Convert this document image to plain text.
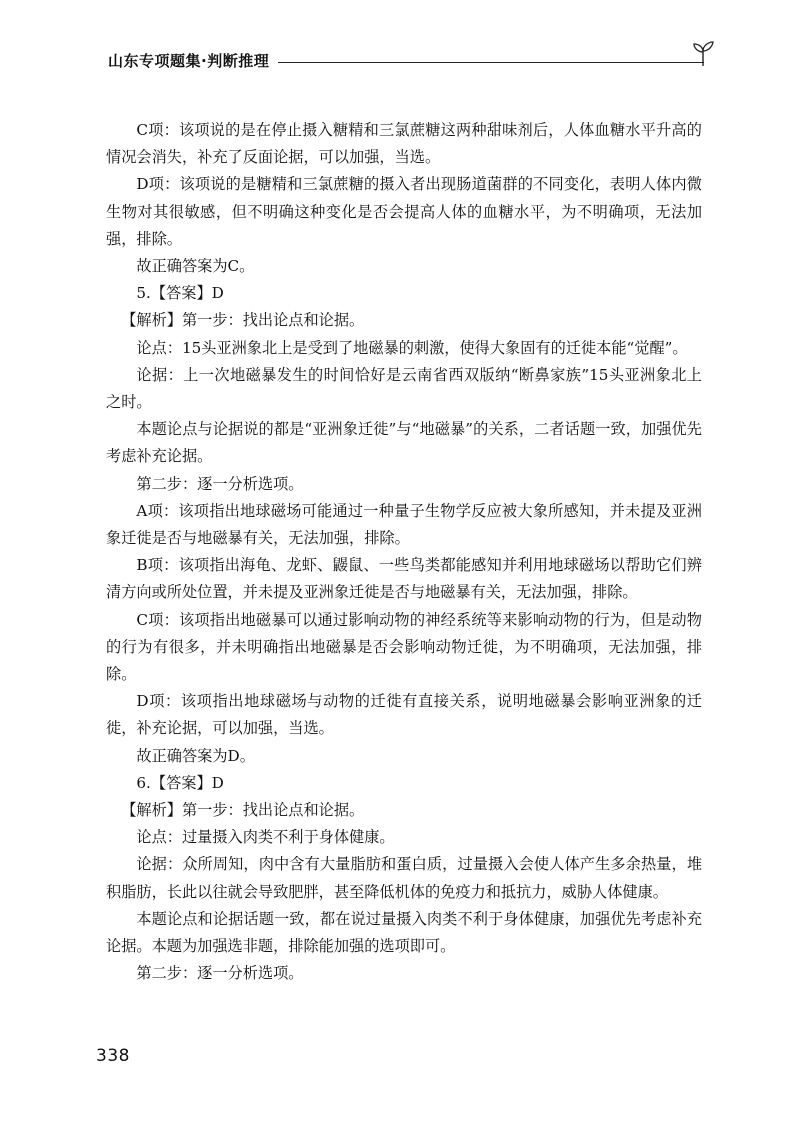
山东专项题集·判断推理

C项：该项说的是在停止摄入糖精和三氯蔗糖这两种甜味剂后，人体血糖水平升高的情况会消失，补充了反面论据，可以加强，当选。

D项：该项说的是糖精和三氯蔗糖的摄入者出现肠道菌群的不同变化，表明人体内微生物对其很敏感，但不明确这种变化是否会提高人体的血糖水平，为不明确项，无法加强，排除。

故正确答案为C。

5.【答案】D

【解析】第一步：找出论点和论据。

论点：15头亚洲象北上是受到了地磁暴的刺激，使得大象固有的迁徙本能“觉醒”。

论据：上一次地磁暴发生的时间恰好是云南省西双版纳“断鼻家族”15头亚洲象北上之时。

本题论点与论据说的都是“亚洲象迁徙”与“地磁暴”的关系，二者话题一致，加强优先考虑补充论据。

第二步：逐一分析选项。

A项：该项指出地球磁场可能通过一种量子生物学反应被大象所感知，并未提及亚洲象迁徙是否与地磁暴有关，无法加强，排除。

B项：该项指出海龟、龙虾、鼹鼠、一些鸟类都能感知并利用地球磁场以帮助它们辨清方向或所处位置，并未提及亚洲象迁徙是否与地磁暴有关，无法加强，排除。

C项：该项指出地磁暴可以通过影响动物的神经系统等来影响动物的行为，但是动物的行为有很多，并未明确指出地磁暴是否会影响动物迁徙，为不明确项，无法加强，排除。

D项：该项指出地球磁场与动物的迁徙有直接关系，说明地磁暴会影响亚洲象的迁徙，补充论据，可以加强，当选。

故正确答案为D。

6.【答案】D

【解析】第一步：找出论点和论据。

论点：过量摄入肉类不利于身体健康。

论据：众所周知，肉中含有大量脂肪和蛋白质，过量摄入会使人体产生多余热量，堆积脂肪，长此以往就会导致肥胖，甚至降低机体的免疫力和抵抗力，威胁人体健康。

本题论点和论据话题一致，都在说过量摄入肉类不利于身体健康，加强优先考虑补充论据。本题为加强选非题，排除能加强的选项即可。

第二步：逐一分析选项。

338
